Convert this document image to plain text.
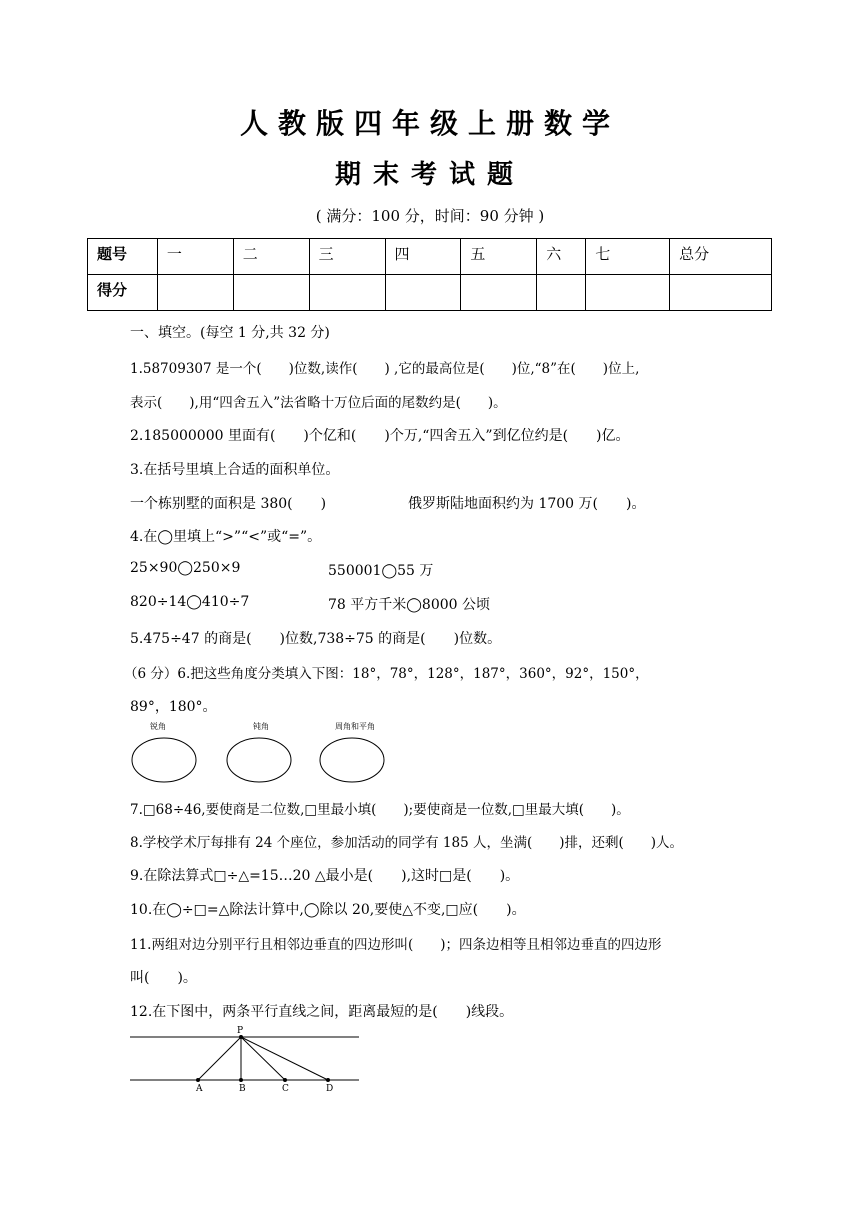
人教版四年级上册数学
期末考试题
( 满分：100 分，时间：90 分钟 )
题号	一	二	三	四	五	六	七	总分
得分								
一、填空。(每空 1 分,共 32 分)
1.58709307 是一个(　　)位数,读作(　　) ,它的最高位是(　　)位,“8”在(　　)位上,
表示(　　),用“四舍五入”法省略十万位后面的尾数约是(　　)。
2.185000000 里面有(　　)个亿和(　　)个万,“四舍五入”到亿位约是(　　)亿。
3.在括号里填上合适的面积单位。
一个栋别墅的面积是 380(　　)	俄罗斯陆地面积约为 1700 万(　　)。
4.在◯里填上“>”“<”或“=”。
25×90◯250×9	550001◯55 万
820÷14◯410÷7	78 平方千米◯8000 公顷
5.475÷47 的商是(　　)位数,738÷75 的商是(　　)位数。
（6 分）6.把这些角度分类填入下图：18°，78°，128°，187°，360°，92°，150°，
89°，180°。
锐角	钝角	周角和平角
7.□68÷46,要使商是二位数,□里最小填(　　);要使商是一位数,□里最大填(　　)。
8.学校学术厅每排有 24 个座位，参加活动的同学有 185 人，坐满(　　)排，还剩(　　)人。
9.在除法算式□÷△=15…20 △最小是(　　),这时□是(　　)。
10.在◯÷□=△除法计算中,◯除以 20,要使△不变,□应(　　)。
11.两组对边分别平行且相邻边垂直的四边形叫(　　)；四条边相等且相邻边垂直的四边形
叫(　　)。
12.在下图中，两条平行直线之间，距离最短的是(　　)线段。
P
A	B	C	D
